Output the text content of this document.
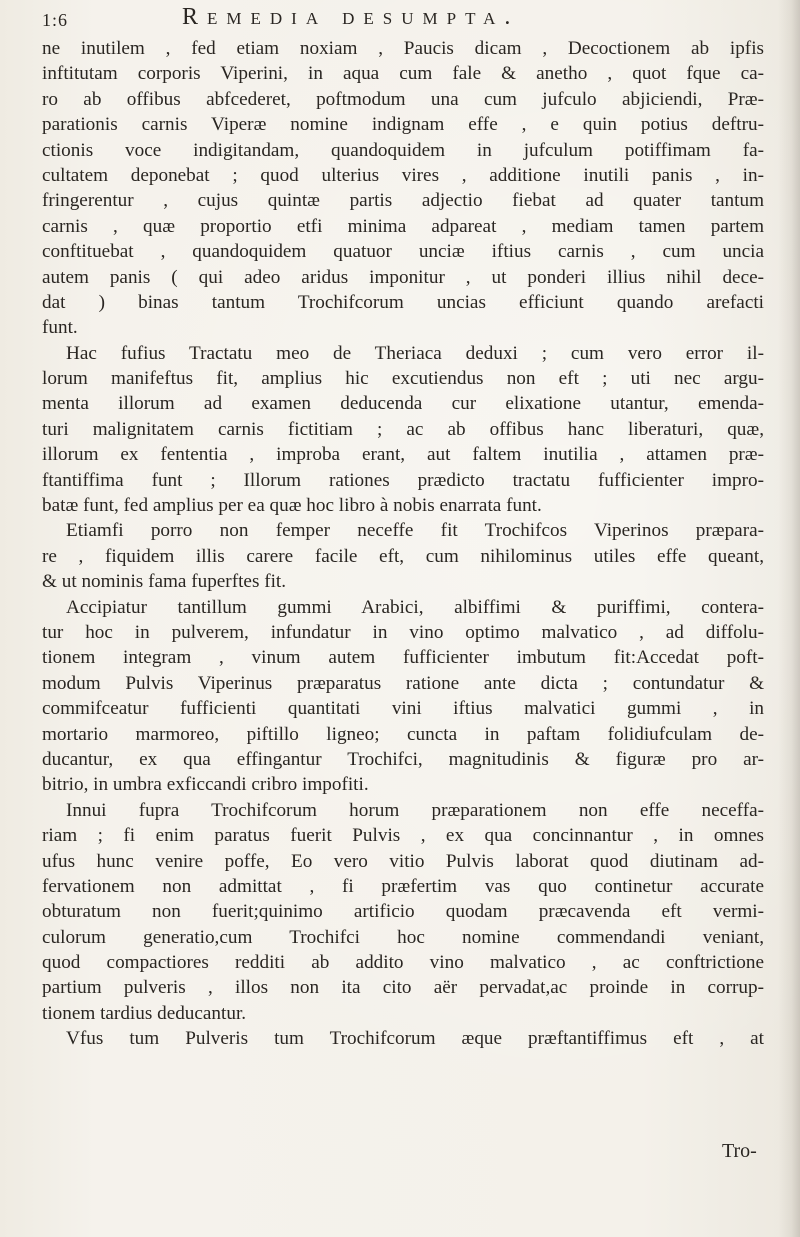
1:6	Remedia desumpta.
ne inutilem , fed etiam noxiam , Paucis dicam , Decoctionem ab ipfis
inftitutam corporis Viperini, in aqua cum fale & anetho , quot fque ca-
ro ab offibus abfcederet, poftmodum una cum jufculo abjiciendi, Præ-
parationis carnis Viperæ nomine indignam effe , e quin potius deftru-
ctionis voce indigitandam, quandoquidem in jufculum potiffimam fa-
cultatem deponebat ; quod ulterius vires , additione inutili panis , in-
fringerentur , cujus quintæ partis adjectio fiebat ad quater tantum
carnis , quæ proportio etfi minima adpareat , mediam tamen partem
conftituebat , quandoquidem quatuor unciæ iftius carnis , cum uncia
autem panis ( qui adeo aridus imponitur , ut ponderi illius nihil dece-
dat ) binas tantum Trochifcorum uncias efficiunt quando arefacti
funt.
Hac fufius Tractatu meo de Theriaca deduxi ; cum vero error il-
lorum manifeftus fit, amplius hic excutiendus non eft ; uti nec argu-
menta illorum ad examen deducenda cur elixatione utantur, emenda-
turi malignitatem carnis fictitiam ; ac ab offibus hanc liberaturi, quæ,
illorum ex fententia , improba erant, aut faltem inutilia , attamen præ-
ftantiffima funt ; Illorum rationes prædicto tractatu fufficienter impro-
batæ funt, fed amplius per ea quæ hoc libro à nobis enarrata funt.
Etiamfi porro non femper neceffe fit Trochifcos Viperinos præpara-
re , fiquidem illis carere facile eft, cum nihilominus utiles effe queant,
& ut nominis fama fuperftes fit.
Accipiatur tantillum gummi Arabici, albiffimi & puriffimi, contera-
tur hoc in pulverem, infundatur in vino optimo malvatico , ad diffolu-
tionem integram , vinum autem fufficienter imbutum fit:Accedat poft-
modum Pulvis Viperinus præparatus ratione ante dicta ; contundatur &
commifceatur fufficienti quantitati vini iftius malvatici gummi , in
mortario marmoreo, piftillo ligneo; cuncta in paftam folidiufculam de-
ducantur, ex qua effingantur Trochifci, magnitudinis & figuræ pro ar-
bitrio, in umbra exficcandi cribro impofiti.
Innui fupra Trochifcorum horum præparationem non effe neceffa-
riam ; fi enim paratus fuerit Pulvis , ex qua concinnantur , in omnes
ufus hunc venire poffe, Eo vero vitio Pulvis laborat quod diutinam ad-
fervationem non admittat , fi præfertim vas quo continetur accurate
obturatum non fuerit;quinimo artificio quodam præcavenda eft vermi-
culorum generatio,cum Trochifci hoc nomine commendandi veniant,
quod compactiores redditi ab addito vino malvatico , ac conftrictione
partium pulveris , illos non ita cito aër pervadat,ac proinde in corrup-
tionem tardius deducantur.
Vfus tum Pulveris tum Trochifcorum æque præftantiffimus eft , at
Tro-
